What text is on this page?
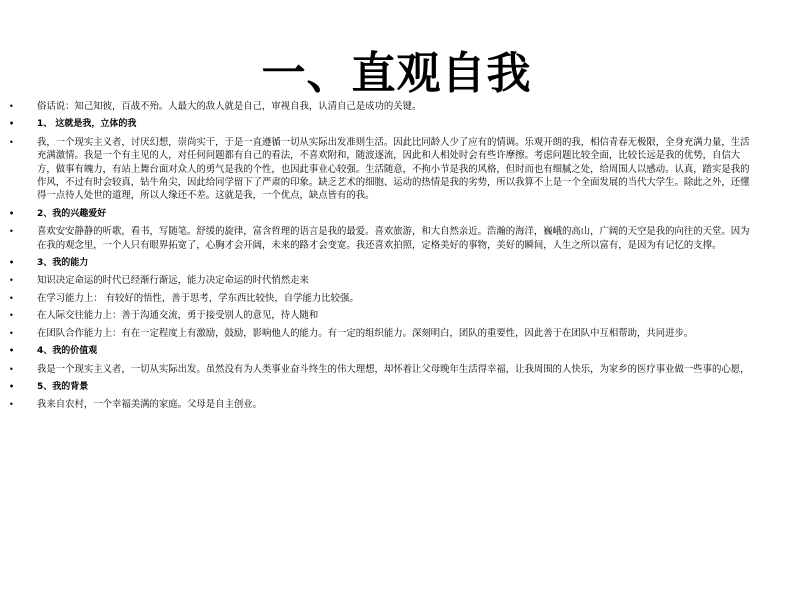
一、直观自我
• 俗话说：知己知彼，百战不殆。人最大的敌人就是自己，审视自我，认清自己是成功的关键。
•	1、 这就是我，立体的我
• 我，一个现实主义者，讨厌幻想，崇尚实干，于是一直遵循一切从实际出发准则生活。因此比同龄人少了应有的情调。乐观开朗的我，相信青春无极限，全身充满力量，生活充满激情。我是一个有主见的人，对任何问题都有自己的看法，不喜欢附和，随波逐流，因此和人相处时会有些许摩擦。考虑问题比较全面，比较长远是我的优势，自信大方，做事有魄力，有站上舞台面对众人的勇气是我的个性，也因此事业心较强。生活随意，不拘小节是我的风格，但时而也有细腻之处，给周围人以感动。认真，踏实是我的作风，不过有时会较真，钻牛角尖，因此给同学留下了严肃的印象。缺乏艺术的细胞、运动的热情是我的劣势，所以我算不上是一个全面发展的当代大学生。除此之外，还懂得一点待人处世的道理，所以人缘还不差。这就是我，一个优点，缺点皆有的我。
•	2、我的兴趣爱好
• 喜欢安安静静的听歌，看书，写随笔。舒缓的旋律，富含哲理的语言是我的最爱。喜欢旅游，和大自然亲近。浩瀚的海洋，巍峨的高山，广阔的天空是我的向往的天堂。因为在我的观念里，一个人只有眼界拓宽了，心胸才会开阔，未来的路才会变宽。我还喜欢拍照，定格美好的事物，美好的瞬间，人生之所以富有，是因为有记忆的支撑。
•	3、我的能力
• 知识决定命运的时代已经渐行渐远，能力决定命运的时代悄然走来
• 在学习能力上： 有较好的悟性，善于思考，学东西比较快，自学能力比较强。
• 在人际交往能力上：善于沟通交流，勇于接受别人的意见，待人随和
• 在团队合作能力上：有在一定程度上有激励，鼓励，影响他人的能力。有一定的组织能力。深刻明白，团队的重要性，因此善于在团队中互相帮助，共同进步。
•	4、我的价值观
• 我是一个现实主义者，一切从实际出发。虽然没有为人类事业奋斗终生的伟大理想，却怀着让父母晚年生活得幸福，让我周围的人快乐，为家乡的医疗事业做一些事的心愿，
•	5、我的背景
• 我来自农村，一个幸福美满的家庭。父母是自主创业。
